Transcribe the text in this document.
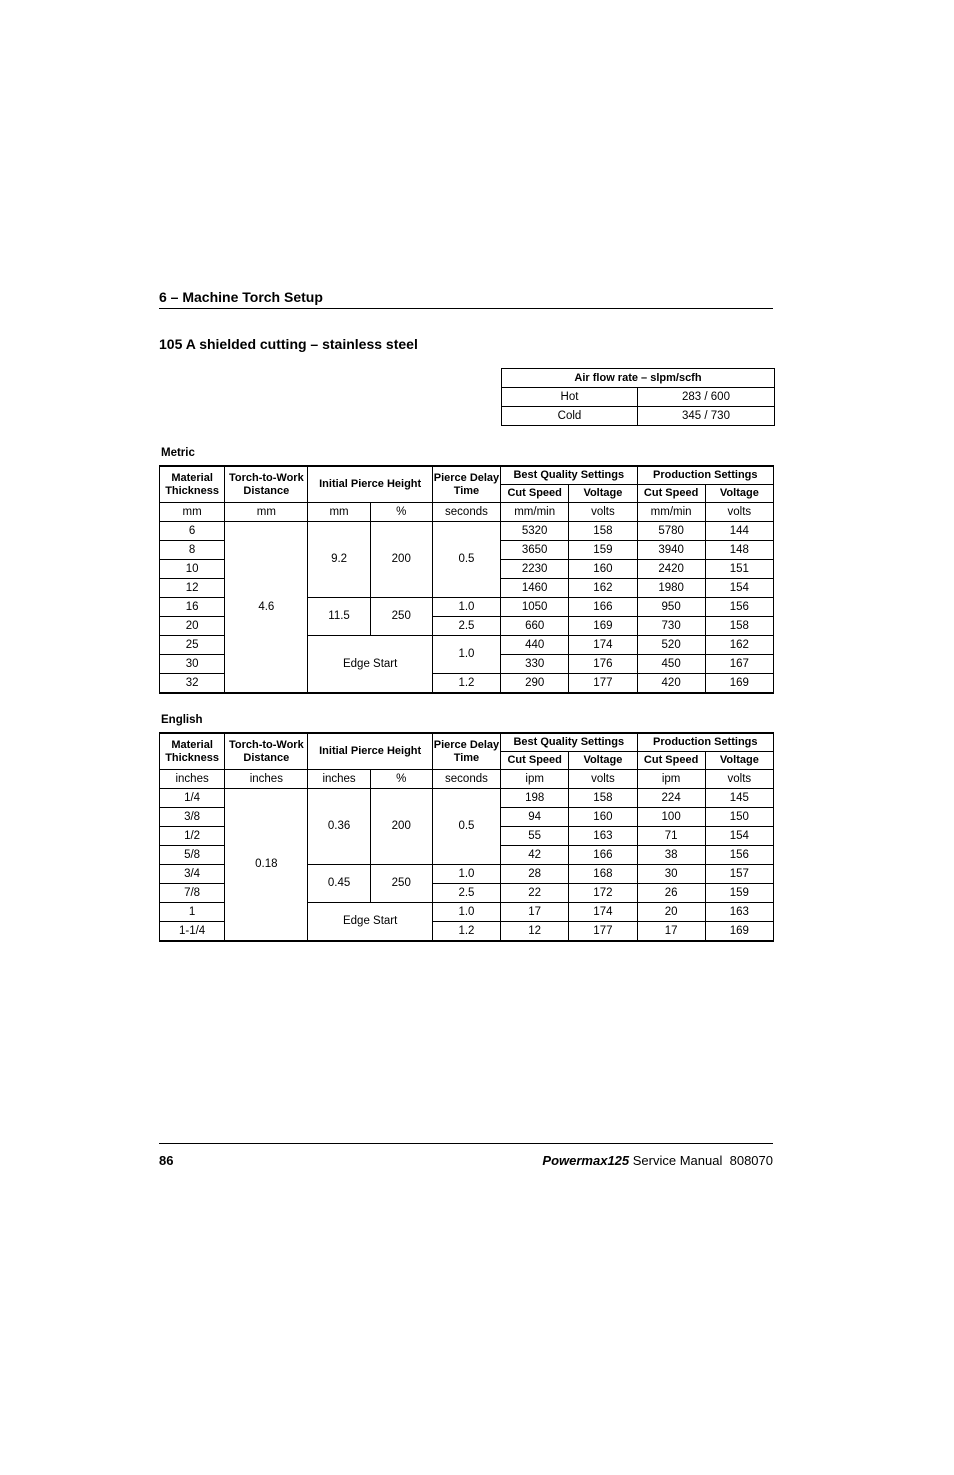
6 – Machine Torch Setup
105 A shielded cutting – stainless steel
Air flow rate – slpm/scfh	
Hot	283 / 600
Cold	345 / 730
Metric
Material Thickness	Torch-to-Work Distance	Initial Pierce Height		Pierce Delay Time	Best Quality Settings		Production Settings	
					Cut Speed	Voltage	Cut Speed	Voltage
mm	mm	mm	%	seconds	mm/min	volts	mm/min	volts
6	4.6	9.2	200	0.5	5320	158	5780	144
8					3650	159	3940	148
10					2230	160	2420	151
12					1460	162	1980	154
16		11.5	250	1.0	1050	166	950	156
20				2.5	660	169	730	158
25		Edge Start		1.0	440	174	520	162
30					330	176	450	167
32				1.2	290	177	420	169
English
Material Thickness	Torch-to-Work Distance	Initial Pierce Height		Pierce Delay Time	Best Quality Settings		Production Settings	
					Cut Speed	Voltage	Cut Speed	Voltage
inches	inches	inches	%	seconds	ipm	volts	ipm	volts
1/4	0.18	0.36	200	0.5	198	158	224	145
3/8					94	160	100	150
1/2					55	163	71	154
5/8					42	166	38	156
3/4		0.45	250	1.0	28	168	30	157
7/8				2.5	22	172	26	159
1		Edge Start		1.0	17	174	20	163
1-1/4				1.2	12	177	17	169
86	Powermax125 Service Manual 808070
